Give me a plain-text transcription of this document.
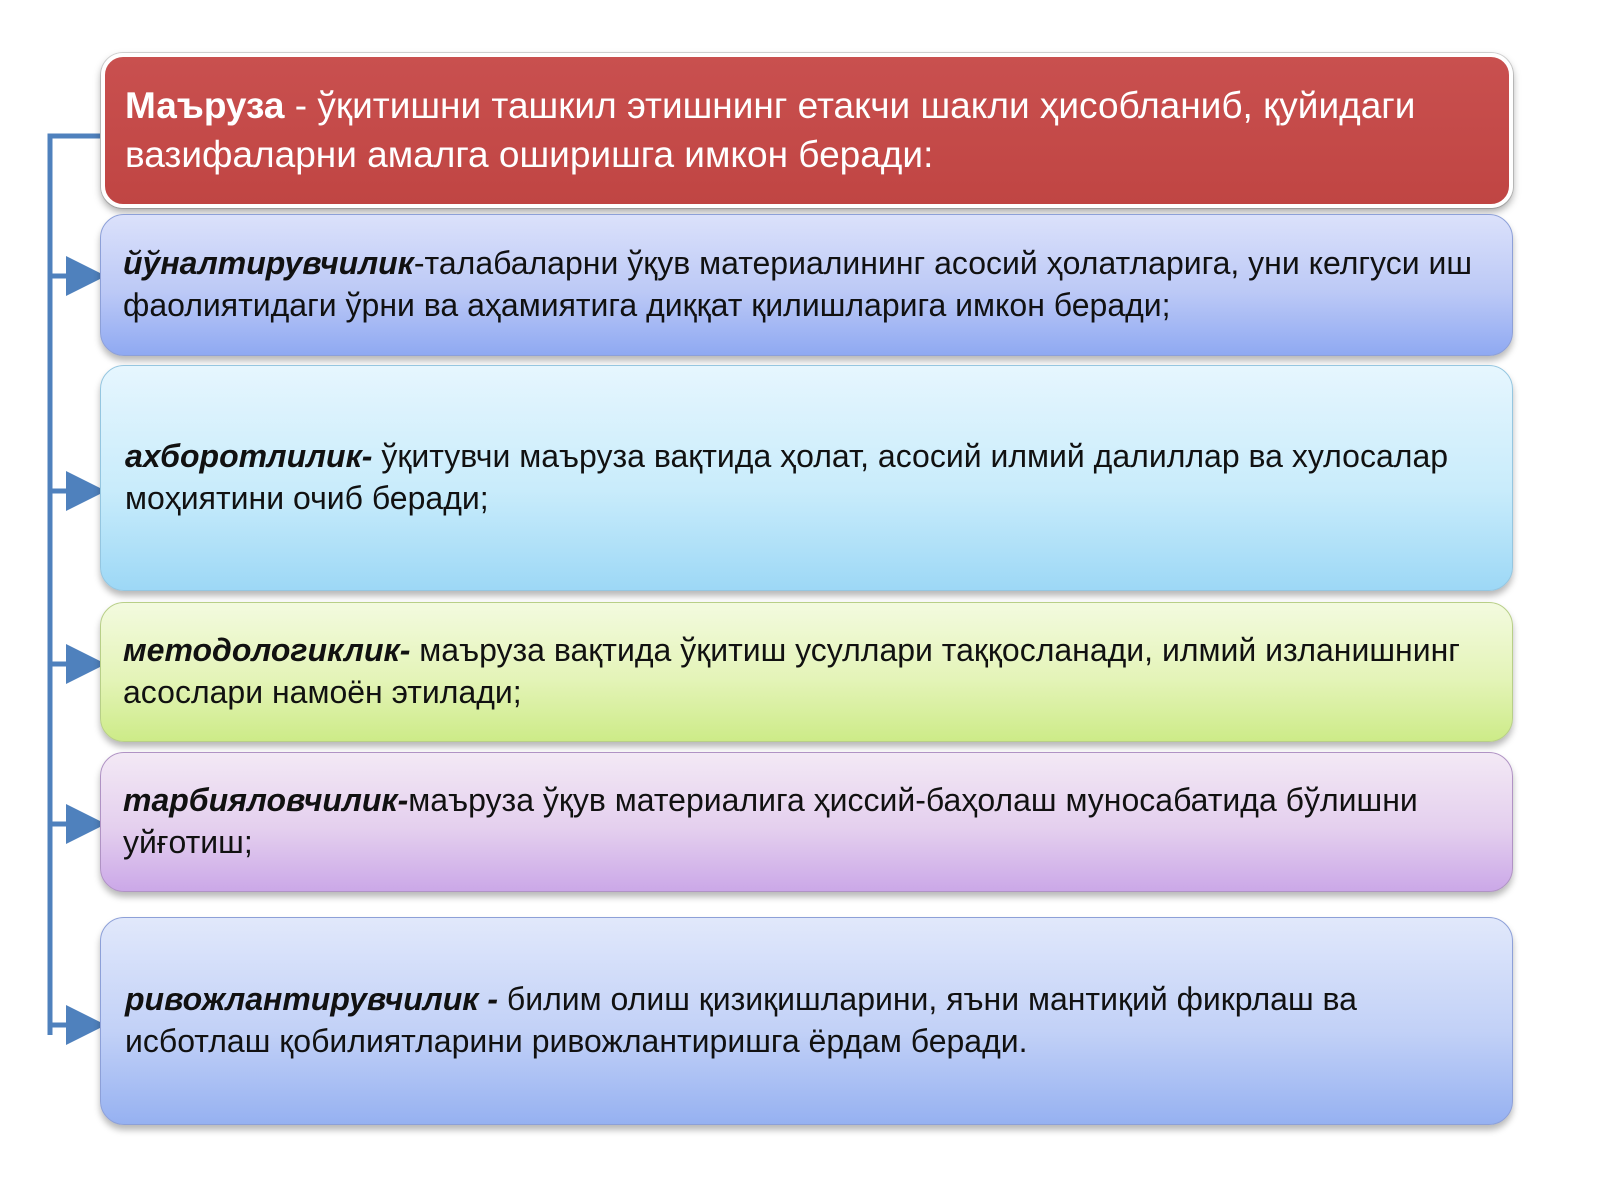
Маъруза - ўқитишни ташкил этишнинг етакчи шакли ҳисобланиб, қуйидаги вазифаларни амалга оширишга имкон беради:

йўналтирувчилик-талабаларни ўқув материалининг асосий ҳолатларига, уни келгуси иш фаолиятидаги ўрни ва аҳамиятига диққат қилишларига имкон беради;

ахборотлилик- ўқитувчи маъруза вақтида ҳолат, асосий илмий далиллар ва хулосалар моҳиятини очиб беради;

методологиклик- маъруза вақтида ўқитиш усуллари таққосланади, илмий изланишнинг асослари намоён этилади;

тарбияловчилик-маъруза ўқув материалига ҳиссий-баҳолаш муносабатида бўлишни уйғотиш;

ривожлантирувчилик - билим олиш қизиқишларини, яъни мантиқий фикрлаш ва исботлаш қобилиятларини ривожлантиришга ёрдам беради.
